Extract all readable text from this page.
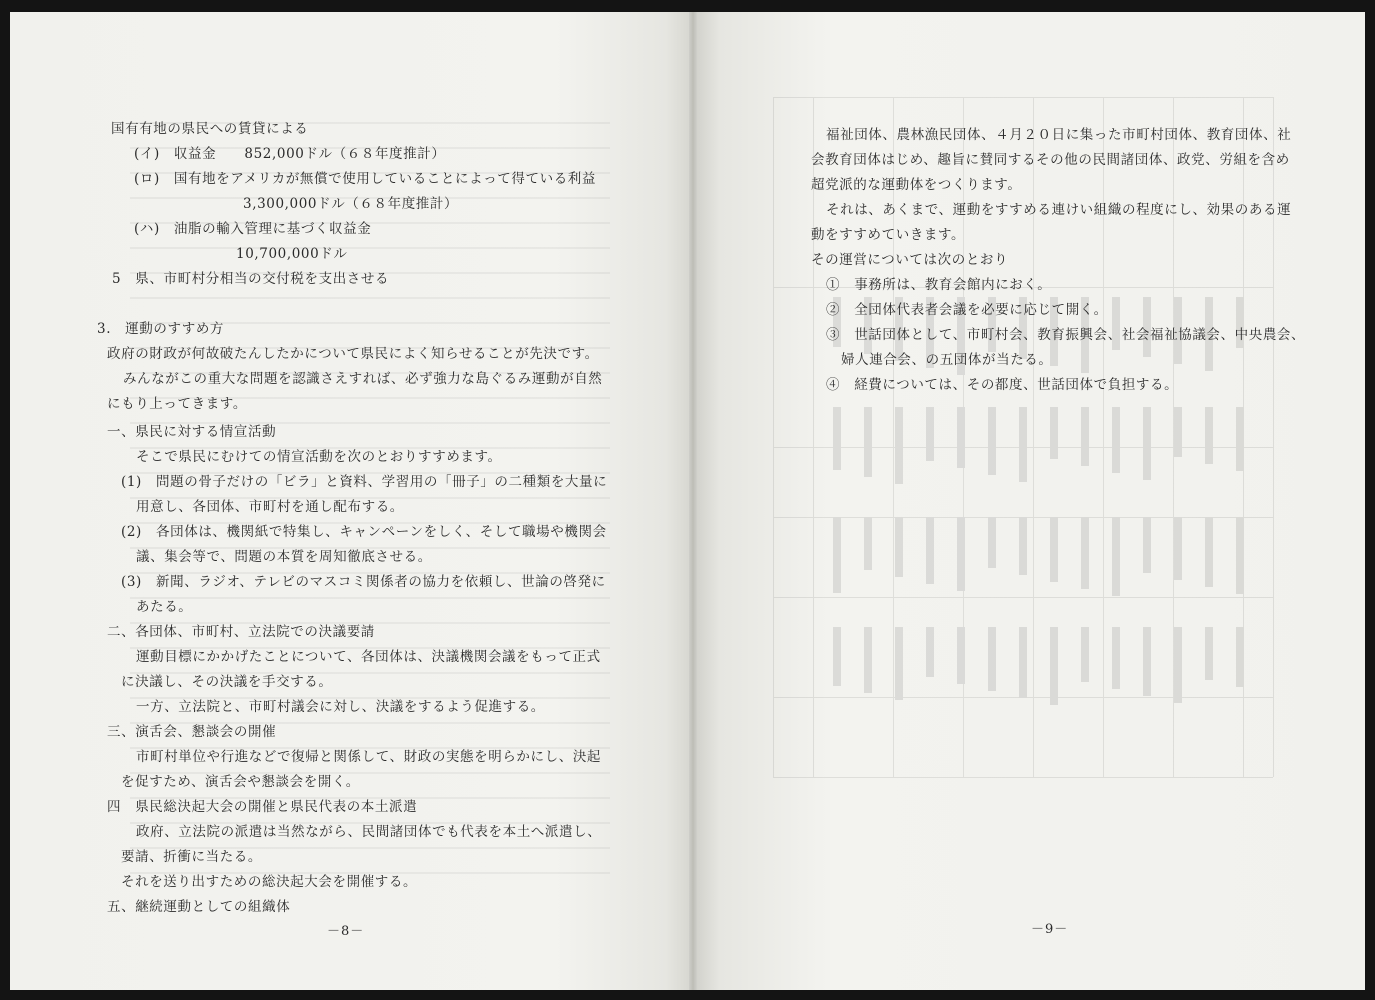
国有有地の県民への賃貸による
(イ)　収益金　　852,000ドル（６８年度推計）
(ロ)　国有地をアメリカが無償で使用していることによって得ている利益
3,300,000ドル（６８年度推計）
(ハ)　油脂の輸入管理に基づく収益金
10,700,000ドル
5　県、市町村分相当の交付税を支出させる
3.　運動のすすめ方
政府の財政が何故破たんしたかについて県民によく知らせることが先決です。
みんながこの重大な問題を認識さえすれば、必ず強力な島ぐるみ運動が自然
にもり上ってきます。
一、県民に対する情宣活動
そこで県民にむけての情宣活動を次のとおりすすめます。
(1)　問題の骨子だけの「ビラ」と資料、学習用の「冊子」の二種類を大量に
用意し、各団体、市町村を通し配布する。
(2)　各団体は、機関紙で特集し、キャンペーンをしく、そして職場や機関会
議、集会等で、問題の本質を周知徹底させる。
(3)　新聞、ラジオ、テレビのマスコミ関係者の協力を依頼し、世論の啓発に
あたる。
二、各団体、市町村、立法院での決議要請
運動目標にかかげたことについて、各団体は、決議機関会議をもって正式
に決議し、その決議を手交する。
一方、立法院と、市町村議会に対し、決議をするよう促進する。
三、演舌会、懇談会の開催
市町村単位や行進などで復帰と関係して、財政の実態を明らかにし、決起
を促すため、演舌会や懇談会を開く。
四　県民総決起大会の開催と県民代表の本土派遣
政府、立法院の派遣は当然ながら、民間諸団体でも代表を本土へ派遣し、
要請、折衝に当たる。
それを送り出すための総決起大会を開催する。
五、継続運動としての組織体
－8－
福祉団体、農林漁民団体、４月２０日に集った市町村団体、教育団体、社
会教育団体はじめ、趣旨に賛同するその他の民間諸団体、政党、労組を含め
超党派的な運動体をつくります。
それは、あくまで、運動をすすめる連けい組織の程度にし、効果のある運
動をすすめていきます。
その運営については次のとおり
①　事務所は、教育会館内におく。
②　全団体代表者会議を必要に応じて開く。
③　世話団体として、市町村会、教育振興会、社会福祉協議会、中央農会、
婦人連合会、の五団体が当たる。
④　経費については、その都度、世話団体で負担する。
－9－
